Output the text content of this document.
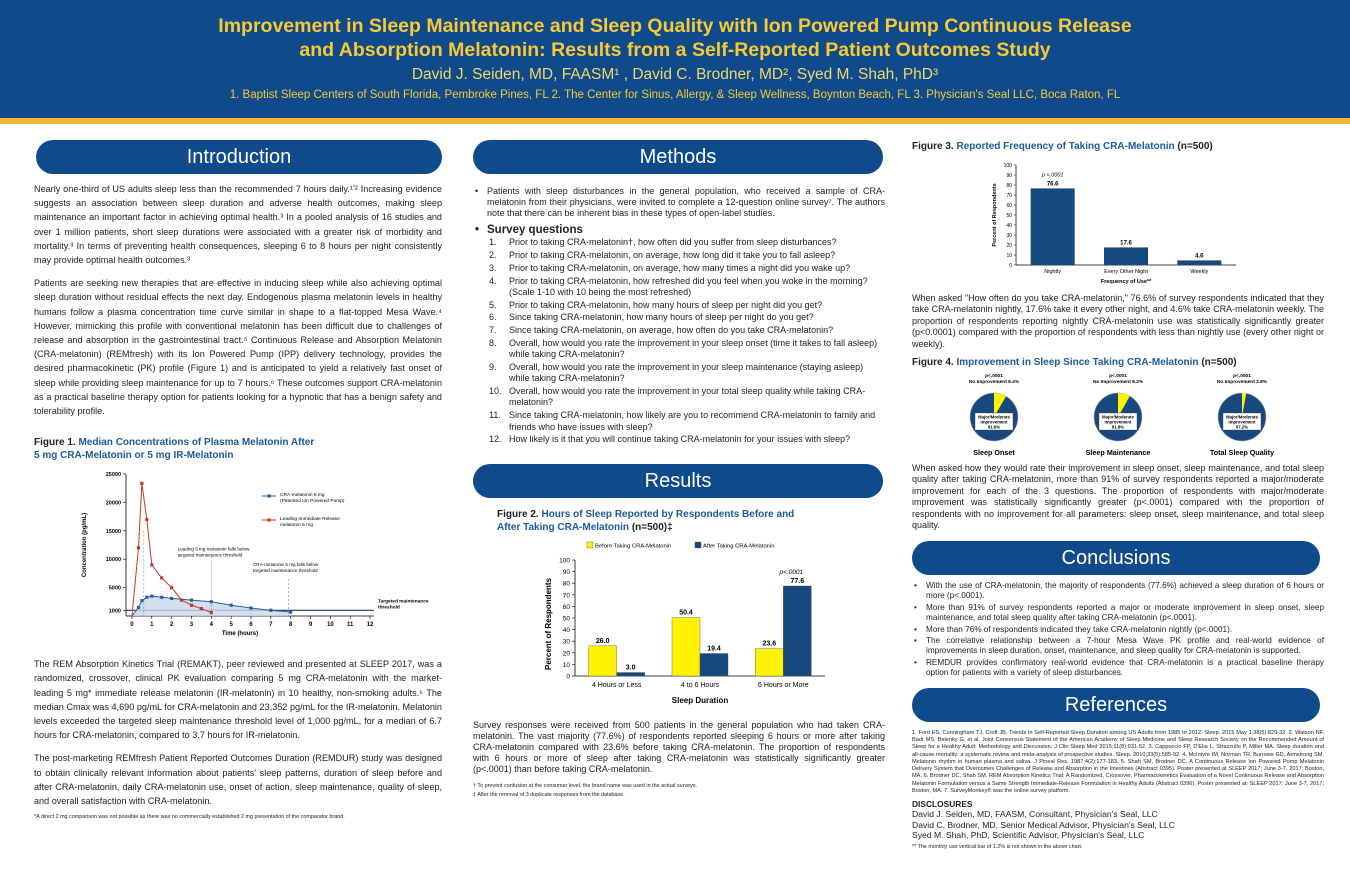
Improvement in Sleep Maintenance and Sleep Quality with Ion Powered Pump Continuous Release
and Absorption Melatonin: Results from a Self-Reported Patient Outcomes Study
David J. Seiden, MD, FAASM¹ , David C. Brodner, MD², Syed M. Shah, PhD³
1. Baptist Sleep Centers of South Florida, Pembroke Pines, FL 2. The Center for Sinus, Allergy, & Sleep Wellness, Boynton Beach, FL 3. Physician's Seal LLC, Boca Raton, FL
Introduction
Nearly one-third of US adults sleep less than the recommended 7 hours daily.¹ʼ² Increasing evidence suggests an association between sleep duration and adverse health outcomes, making sleep maintenance an important factor in achieving optimal health.³ In a pooled analysis of 16 studies and over 1 million patients, short sleep durations were associated with a greater risk of morbidity and mortality.³ In terms of preventing health consequences, sleeping 6 to 8 hours per night consistently may provide optimal health outcomes.³
Patients are seeking new therapies that are effective in inducing sleep while also achieving optimal sleep duration without residual effects the next day. Endogenous plasma melatonin levels in healthy humans follow a plasma concentration time curve similar in shape to a flat-topped Mesa Wave.⁴ However, mimicking this profile with conventional melatonin has been difficult due to challenges of release and absorption in the gastrointestinal tract.⁵ Continuous Release and Absorption Melatonin (CRA-melatonin) (REMfresh) with its Ion Powered Pump (IPP) delivery technology, provides the desired pharmacokinetic (PK) profile (Figure 1) and is anticipated to yield a relatively fast onset of sleep while providing sleep maintenance for up to 7 hours.⁶ These outcomes support CRA-melatonin as a practical baseline therapy option for patients looking for a hypnotic that has a benign safety and tolerability profile.
Figure 1. Median Concentrations of Plasma Melatonin After
5 mg CRA-Melatonin or 5 mg IR-Melatonin
1000
5000
10000
15000
20000
25000
0	1	2	3	4	5	6	7	8	9 10 11 12
Time (hours)
Concentration (pg/mL)
Targeted maintenance
threshold
CRA-melatonin 5 mg
(Patented Ion Powered Pump)
Leading Immediate Release
melatonin 5 mg
Leading 5 mg melatonin falls below
targeted maintenance threshold
CRA-melatonin 5 mg falls below
targeted maintenance threshold
The REM Absorption Kinetics Trial (REMAKT), peer reviewed and presented at SLEEP 2017, was a randomized, crossover, clinical PK evaluation comparing 5 mg CRA-melatonin with the market-leading 5 mg* immediate release melatonin (IR-melatonin) in 10 healthy, non-smoking adults.⁶ The median Cmax was 4,690 pg/mL for CRA-melatonin and 23,352 pg/mL for the IR-melatonin. Melatonin levels exceeded the targeted sleep maintenance threshold level of 1,000 pg/mL, for a median of 6.7 hours for CRA-melatonin, compared to 3.7 hours for IR-melatonin.
The post-marketing REMfresh Patient Reported Outcomes Duration (REMDUR) study was designed to obtain clinically relevant information about patients' sleep patterns, duration of sleep before and after CRA-melatonin, daily CRA-melatonin use, onset of action, sleep maintenance, quality of sleep, and overall satisfaction with CRA-melatonin.
*A direct 2 mg comparison was not possible as there was no commercially established 2 mg presentation of the comparator brand.
Methods
• Patients with sleep disturbances in the general population, who received a sample of CRA-melatonin from their physicians, were invited to complete a 12-question online survey⁷. The authors note that there can be inherent bias in these types of open-label studies.
• Survey questions
1. Prior to taking CRA-melatonin†, how often did you suffer from sleep disturbances?
2. Prior to taking CRA-melatonin, on average, how long did it take you to fall asleep?
3. Prior to taking CRA-melatonin, on average, how many times a night did you wake up?
4. Prior to taking CRA-melatonin, how refreshed did you feel when you woke in the morning? (Scale 1-10 with 10 being the most refreshed)
5. Prior to taking CRA-melatonin, how many hours of sleep per night did you get?
6. Since taking CRA-melatonin, how many hours of sleep per night do you get?
7. Since taking CRA-melatonin, on average, how often do you take CRA-melatonin?
8. Overall, how would you rate the improvement in your sleep onset (time it takes to fall asleep) while taking CRA-melatonin?
9. Overall, how would you rate the improvement in your sleep maintenance (staying asleep) while taking CRA-melatonin?
10. Overall, how would you rate the improvement in your total sleep quality while taking CRA-melatonin?
11. Since taking CRA-melatonin, how likely are you to recommend CRA-melatonin to family and friends who have issues with sleep?
12. How likely is it that you will continue taking CRA-melatonin for your issues with sleep?
Results
Figure 2. Hours of Sleep Reported by Respondents Before and
After Taking CRA-Melatonin (n=500)‡
0
10
20
30
40
50
60
70
80
90
100
Percent of Respondents	26.0
3.0
4 Hours or Less
50.4
19.4
4 to 6 Hours
23.6
77.6
6 Hours or More
Sleep Duration
p<.0001
Before Taking CRA-Melatonin	After Taking CRA-Melatonin
Survey responses were received from 500 patients in the general population who had taken CRA-melatonin. The vast majority (77.6%) of respondents reported sleeping 6 hours or more after taking CRA-melatonin compared with 23.6% before taking CRA-melatonin. The proportion of respondents with 6 hours or more of sleep after taking CRA-melatonin was statistically significantly greater (p<.0001) than before taking CRA-melatonin.
† To prevent confusion at the consumer level, the brand name was used in the actual surveys.
‡ After the removal of 3 duplicate responses from the database.
Figure 3. Reported Frequency of Taking CRA-Melatonin (n=500)
0
10
20
30
40
50
60
70
80
90
100
Percent of Respondents	76.6
Nightly
17.6
Every Other Night
4.6
Weekly
Frequency of Use**
p <.0001
When asked "How often do you take CRA-melatonin," 76.6% of survey respondents indicated that they take CRA-melatonin nightly, 17.6% take it every other night, and 4.6% take CRA-melatonin weekly. The proportion of respondents reporting nightly CRA-melatonin use was statistically significantly greater (p<0.0001) compared with the proportion of respondents with less than nightly use (every other night or weekly).
Figure 4. Improvement in Sleep Since Taking CRA-Melatonin (n=500)
p<.0001
No Improvement 8.4%
Major/Moderate
Improvement
91.6%
Sleep Onset
p<.0001
No Improvement 8.2%
Major/Moderate
Improvement
91.8%
Sleep Maintenance
p<.0001
No Improvement 2.8%
Major/Moderate
Improvement
97.2%
Total Sleep Quality
When asked how they would rate their improvement in sleep onset, sleep maintenance, and total sleep quality after taking CRA-melatonin, more than 91% of survey respondents reported a major/moderate improvement for each of the 3 questions. The proportion of respondents with major/moderate improvement was statistically significantly greater (p<.0001) compared with the proportion of respondents with no improvement for all parameters: sleep onset, sleep maintenance, and total sleep quality.
Conclusions
• With the use of CRA-melatonin, the majority of respondents (77.6%) achieved a sleep duration of 6 hours or more (p<.0001).
• More than 91% of survey respondents reported a major or moderate improvement in sleep onset, sleep maintenance, and total sleep quality after taking CRA-melatonin (p<.0001).
• More than 76% of respondents indicated they take CRA-melatonin nightly (p<.0001).
• The correlative relationship between a 7-hour Mesa Wave PK profile and real-world evidence of improvements in sleep duration, onset, maintenance, and sleep quality for CRA-melatonin is supported.
• REMDUR provides confirmatory real-world evidence that CRA-melatonin is a practical baseline therapy option for patients with a variety of sleep disturbances.
References
1. Ford ES, Cunningham TJ, Croft JB. Trends in Self-Reported Sleep Duration among US Adults from 1985 to 2012. Sleep. 2015 May 1;38(5):829-32. 2. Watson NF, Badr MS, Belenky G, et al. Joint Consensus Statement of the American Academy of Sleep Medicine and Sleep Research Society on the Recommended Amount of Sleep for a Healthy Adult: Methodology and Discussion. J Clin Sleep Med 2015;11(8):931-52. 3. Cappuccio FP, D'Elia L, Strazzullo P, Miller MA. Sleep duration and all-cause mortality: a systematic review and meta-analysis of prospective studies. Sleep. 2010;33(5):585-92. 4. McIntyre IM, Norman TR, Burrows GD, Armstrong SM. Melatonin rhythm in human plasma and saliva. J Pineal Res. 1987;4(2):177-183. 5. Shah SM, Brodner DC. A Continuous Release Ion Powered Pump Melatonin Delivery System that Overcomes Challenges of Release and Absorption in the Intestines (Abstract 0395). Poster presented at SLEEP 2017; June 3-7, 2017; Boston, MA. 6. Brodner DC, Shah SM. REM Absorption Kinetics Trial: A Randomized, Crossover, Pharmacokinetics Evaluation of a Novel Continuous Release and Absorption Melatonin Formulation versus a Same Strength Immediate-Release Formulation in Healthy Adults (Abstract 0396). Poster presented at: SLEEP 2017; June 3-7, 2017; Boston, MA. 7. SurveyMonkey® was the online survey platform.
DISCLOSURES
David J. Seiden, MD, FAASM, Consultant, Physician's Seal, LLC
David C. Brodner, MD, Senior Medical Advisor, Physician's Seal, LLC
Syed M. Shah, PhD, Scientific Advisor, Physician's Seal, LLC
** The monthly use vertical bar of 1.2% is not shown in the above chart.
